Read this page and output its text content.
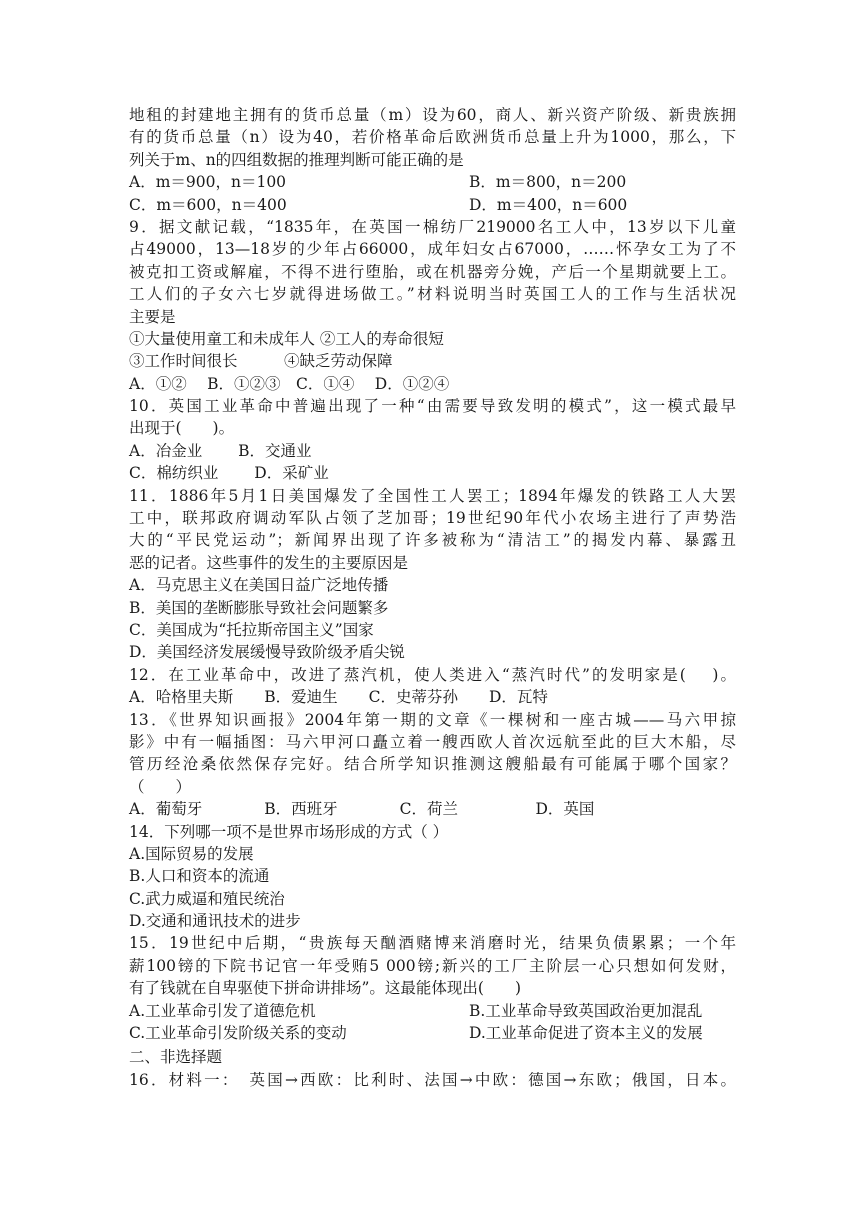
地租的封建地主拥有的货币总量（m）设为60，商人、新兴资产阶级、新贵族拥
有的货币总量（n）设为40，若价格革命后欧洲货币总量上升为1000，那么，下
列关于m、n的四组数据的推理判断可能正确的是
A．m＝900，n＝100	B．m＝800，n＝200
C．m＝600，n＝400	D．m＝400，n＝600
9．据文献记载，“1835年，在英国一棉纺厂219000名工人中，13岁以下儿童
占49000，13—18岁的少年占66000，成年妇女占67000，……怀孕女工为了不
被克扣工资或解雇，不得不进行堕胎，或在机器旁分娩，产后一个星期就要上工。
工人们的子女六七岁就得进场做工。”材料说明当时英国工人的工作与生活状况
主要是
①大量使用童工和未成年人 ②工人的寿命很短
③工作时间很长　　　④缺乏劳动保障
A．①②　 B．①②③　C．①④　 D．①②④
10．英国工业革命中普遍出现了一种“由需要导致发明的模式”，这一模式最早
出现于(　　)。
A．冶金业　　 B．交通业
C．棉纺织业　　 D．采矿业
11．1886年5月1日美国爆发了全国性工人罢工；1894年爆发的铁路工人大罢
工中，联邦政府调动军队占领了芝加哥；19世纪90年代小农场主进行了声势浩
大的“平民党运动”；新闻界出现了许多被称为“清洁工”的揭发内幕、暴露丑
恶的记者。这些事件的发生的主要原因是
A．马克思主义在美国日益广泛地传播
B．美国的垄断膨胀导致社会问题繁多
C．美国成为“托拉斯帝国主义”国家
D．美国经济发展缓慢导致阶级矛盾尖锐
12．在工业革命中，改进了蒸汽机，使人类进入“蒸汽时代”的发明家是(　 )。
A．哈格里夫斯　　B．爱迪生　　C．史蒂芬孙　　D．瓦特
13．《世界知识画报》2004年第一期的文章《一棵树和一座古城——马六甲掠
影》中有一幅插图：马六甲河口矗立着一艘西欧人首次远航至此的巨大木船，尽
管历经沧桑依然保存完好。结合所学知识推测这艘船最有可能属于哪个国家？
（　　）
A．葡萄牙　　　　B．西班牙　　　　C．荷兰　　　　　D．英国
14．下列哪一项不是世界市场形成的方式（ ）
A.国际贸易的发展
B.人口和资本的流通
C.武力威逼和殖民统治
D.交通和通讯技术的进步
15．19世纪中后期，“贵族每天酗酒赌博来消磨时光，结果负债累累；一个年
薪100镑的下院书记官一年受贿5 000镑;新兴的工厂主阶层一心只想如何发财，
有了钱就在自卑驱使下拼命讲排场”。这最能体现出(　　)
A.工业革命引发了道德危机	B.工业革命导致英国政治更加混乱
C.工业革命引发阶级关系的变动	D.工业革命促进了资本主义的发展
二、非选择题
16．材料一：　英国→西欧：比利时、法国→中欧：德国→东欧；俄国，日本。
